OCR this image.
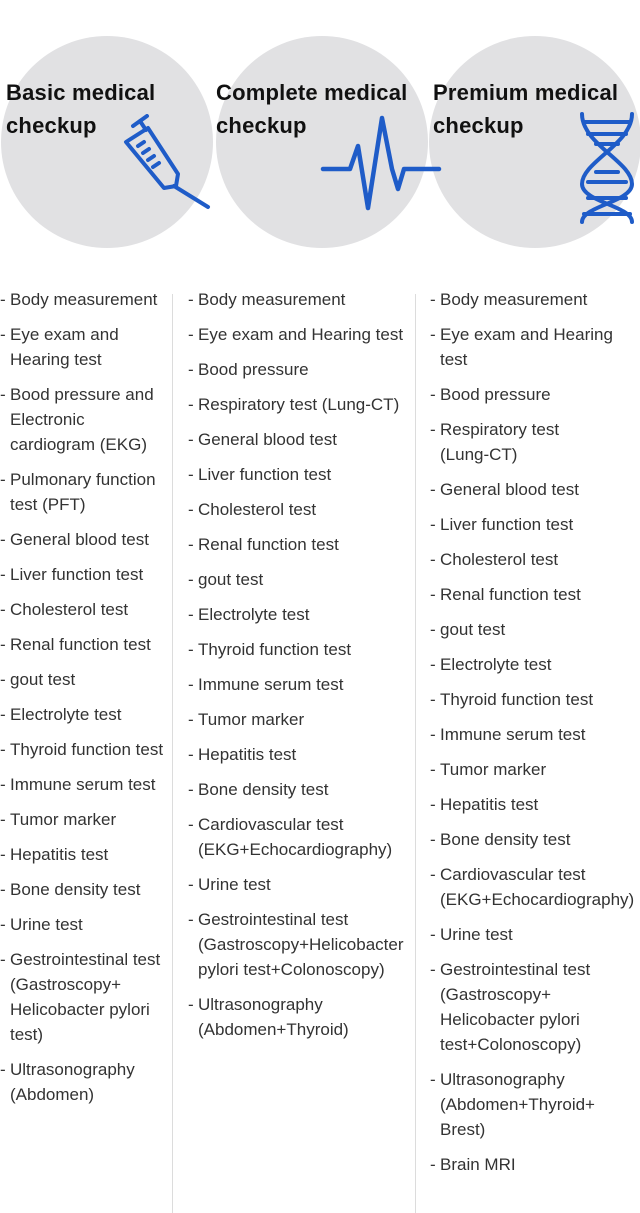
Basic medical
checkup
Complete medical
checkup
Premium medical
checkup
- Body measurement
- Eye exam and
Hearing test
- Bood pressure and
Electronic
cardiogram (EKG)
- Pulmonary function
test (PFT)
- General blood test
- Liver function test
- Cholesterol test
- Renal function test
- gout test
- Electrolyte test
- Thyroid function test
- Immune serum test
- Tumor marker
- Hepatitis test
- Bone density test
- Urine test
- Gestrointestinal test
(Gastroscopy+
Helicobacter pylori
test)
- Ultrasonography
(Abdomen)
- Body measurement
- Eye exam and Hearing test
- Bood pressure
- Respiratory test (Lung-CT)
- General blood test
- Liver function test
- Cholesterol test
- Renal function test
- gout test
- Electrolyte test
- Thyroid function test
- Immune serum test
- Tumor marker
- Hepatitis test
- Bone density test
- Cardiovascular test
(EKG+Echocardiography)
- Urine test
- Gestrointestinal test
(Gastroscopy+Helicobacter
pylori test+Colonoscopy)
- Ultrasonography
(Abdomen+Thyroid)
- Body measurement
- Eye exam and Hearing
test
- Bood pressure
- Respiratory test
(Lung-CT)
- General blood test
- Liver function test
- Cholesterol test
- Renal function test
- gout test
- Electrolyte test
- Thyroid function test
- Immune serum test
- Tumor marker
- Hepatitis test
- Bone density test
- Cardiovascular test
(EKG+Echocardiography)
- Urine test
- Gestrointestinal test
(Gastroscopy+
Helicobacter pylori
test+Colonoscopy)
- Ultrasonography
(Abdomen+Thyroid+
Brest)
- Brain MRI
